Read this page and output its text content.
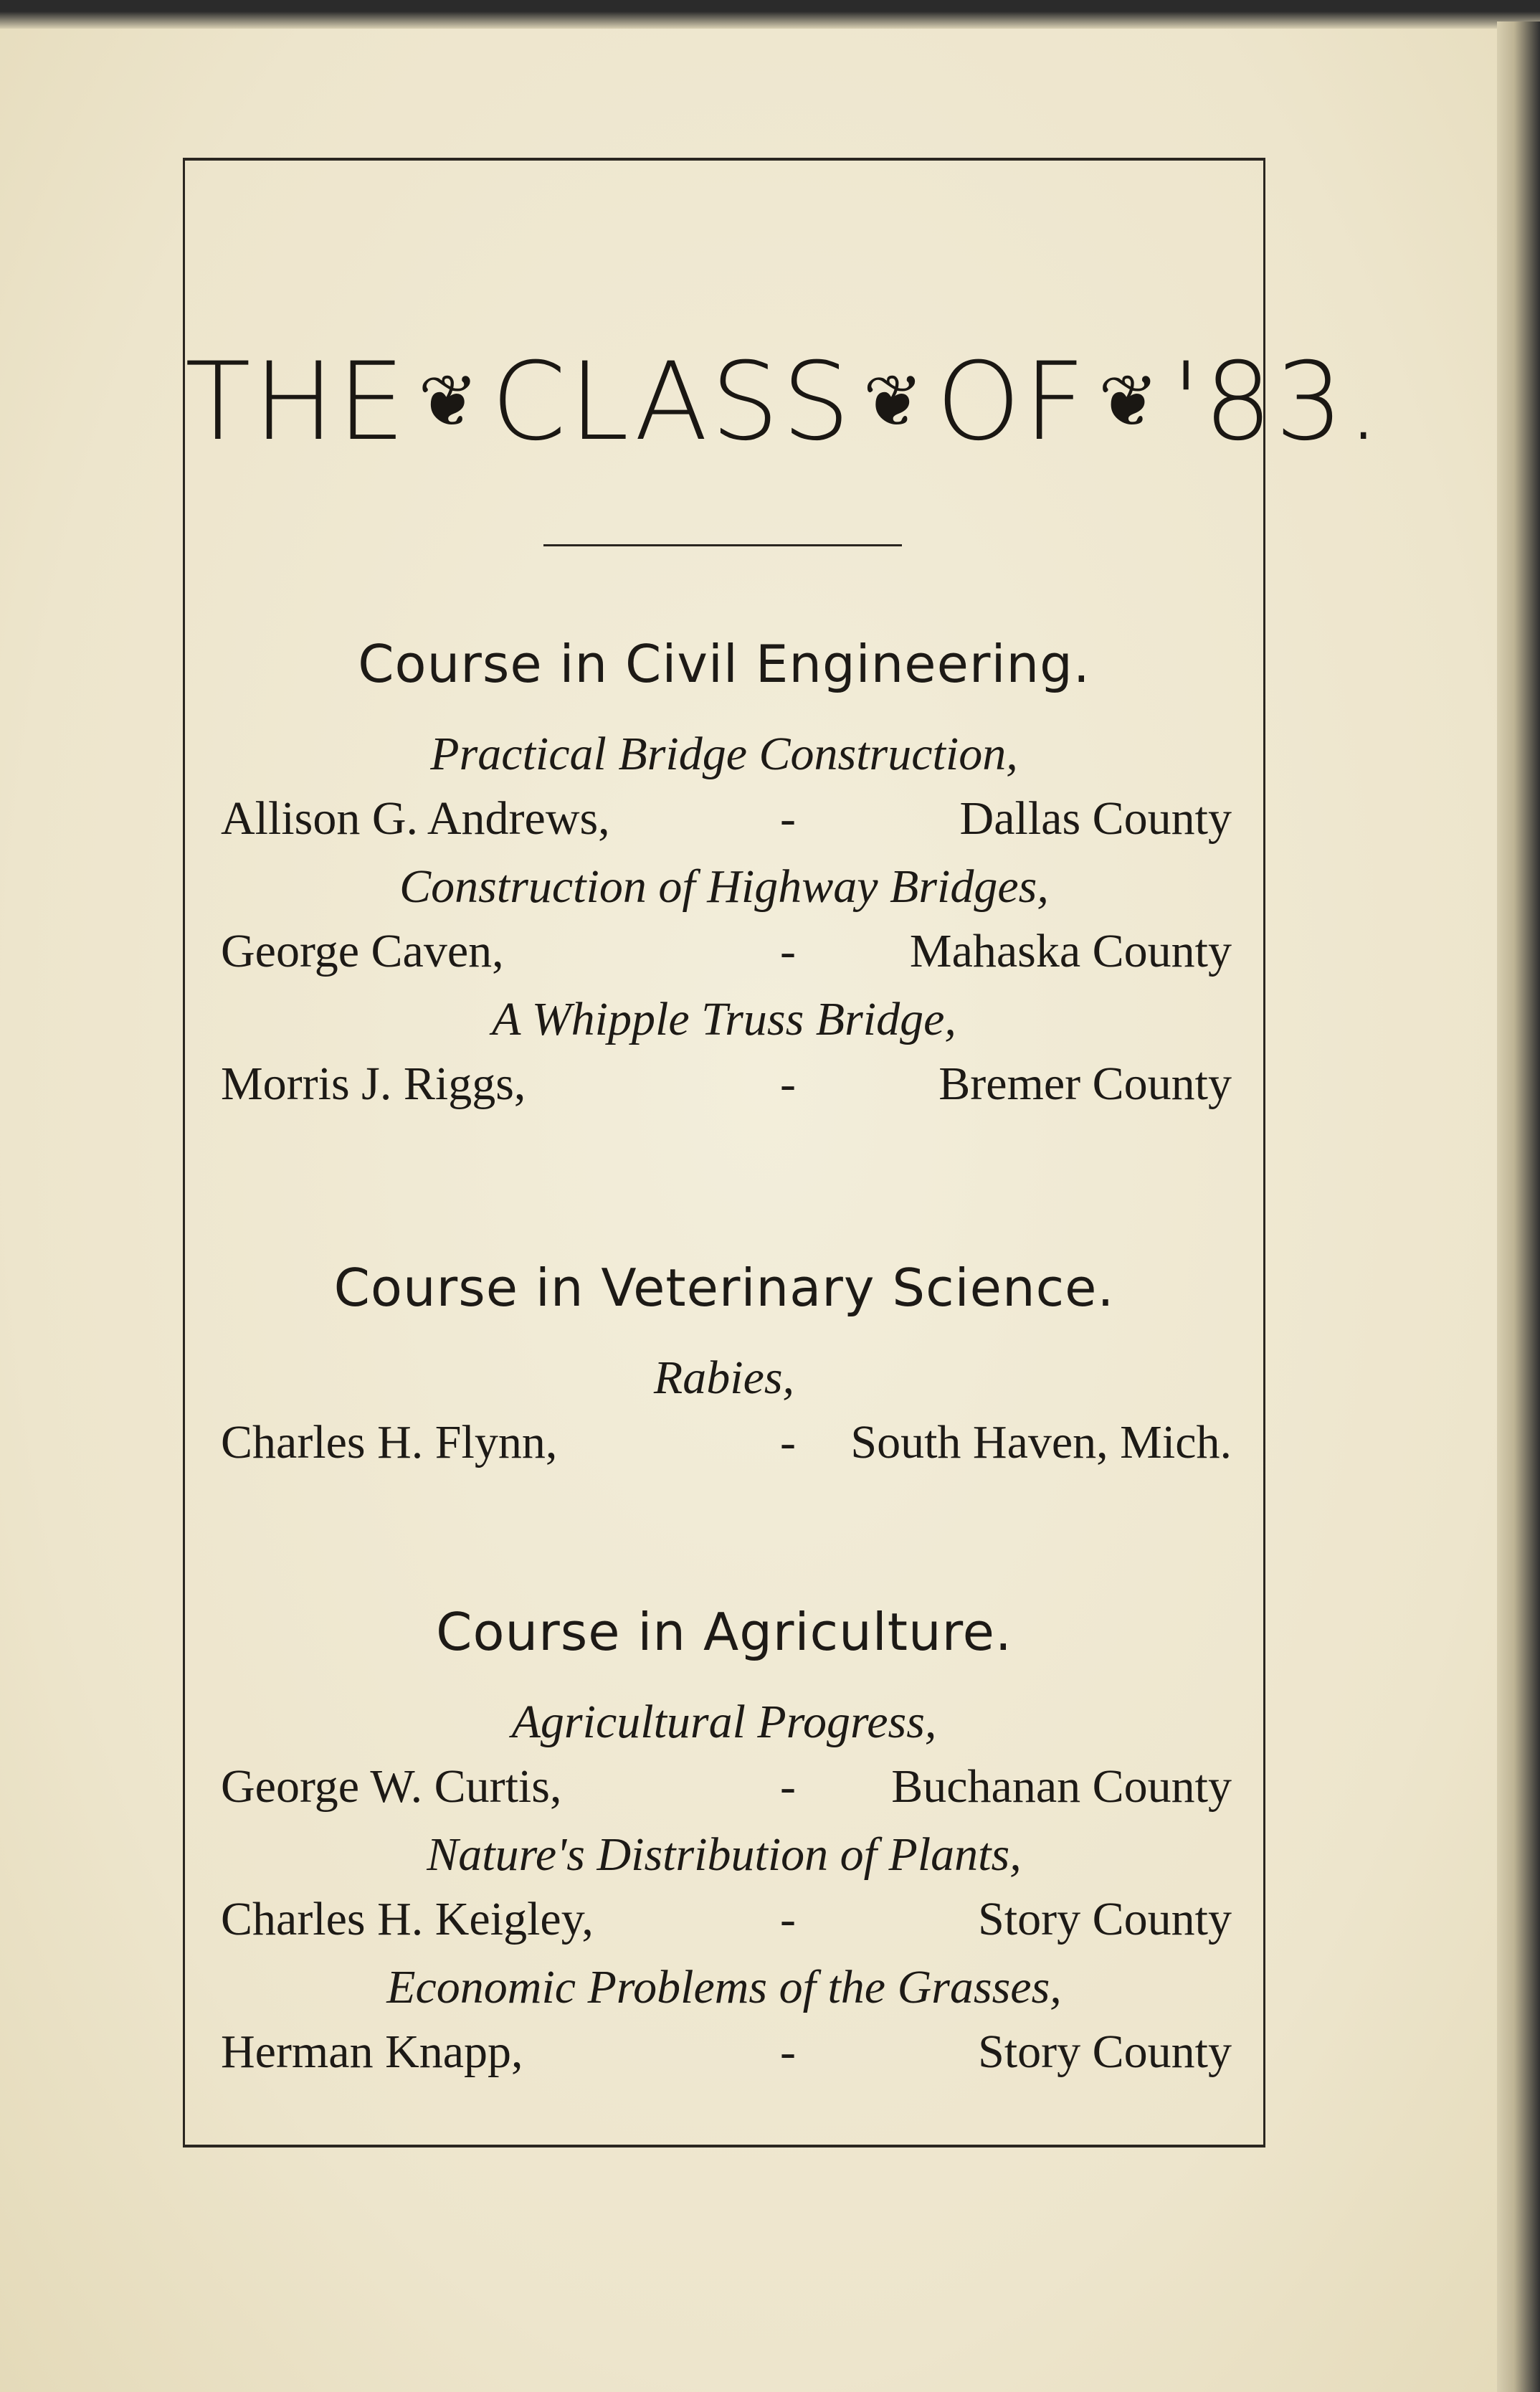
THE ❦CLASS ❦OF ❦'83.
Course in Civil Engineering.
Practical Bridge Construction,
Allison G. Andrews,	-	Dallas County
Construction of Highway Bridges,
George Caven,	- Mahaska County
A Whipple Truss Bridge,
Morris J. Riggs,	-	Bremer County
Course in Veterinary Science.
Rabies,
Charles H. Flynn,	- South Haven, Mich.
Course in Agriculture.
Agricultural Progress,
George W. Curtis,	- Buchanan County
Nature's Distribution of Plants,
Charles H. Keigley,	-	Story County
Economic Problems of the Grasses,
Herman Knapp,	-	Story County
